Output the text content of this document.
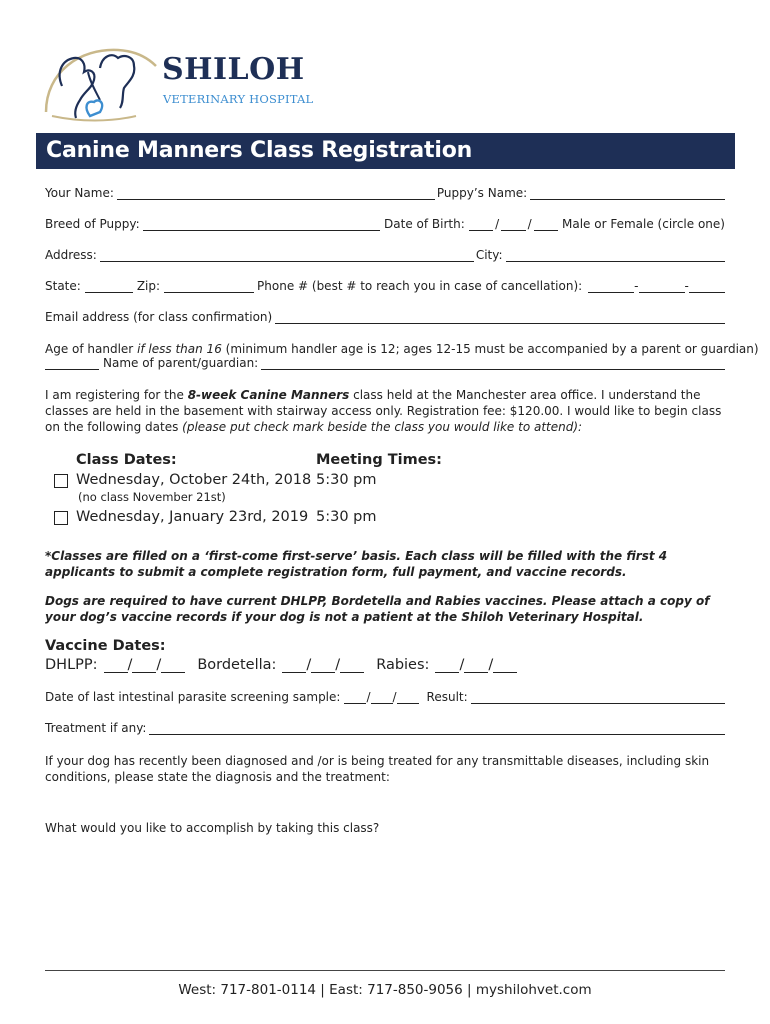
SHILOH
VETERINARY HOSPITAL
Canine Manners Class Registration
Your Name:	Puppy’s Name:
Breed of Puppy:	Date of Birth:	/ /	Male or Female (circle one)
Address:	City:
State:	Zip:	Phone # (best # to reach you in case of cancellation):	-	-
Email address (for class confirmation)
Age of handler if less than 16 (minimum handler age is 12; ages 12-15 must be accompanied by a parent or guardian)
Name of parent/guardian:
I am registering for the 8-week Canine Manners class held at the Manchester area office. I understand the classes are held in the basement with stairway access only. Registration fee: $120.00. I would like to begin class on the following dates (please put check mark beside the class you would like to attend):
Class Dates:	Meeting Times:
Wednesday, October 24th, 2018 5:30 pm
(no class November 21st)
Wednesday, January 23rd, 2019 5:30 pm
*Classes are filled on a ‘first-come first-serve’ basis. Each class will be filled with the first 4 applicants to submit a complete registration form, full payment, and vaccine records.
Dogs are required to have current DHLPP, Bordetella and Rabies vaccines. Please attach a copy of your dog’s vaccine records if your dog is not a patient at the Shiloh Veterinary Hospital.
Vaccine Dates:
DHLPP: / / Bordetella: / / Rabies: / /
Date of last intestinal parasite screening sample: / /	Result:
Treatment if any:
If your dog has recently been diagnosed and /or is being treated for any transmittable diseases, including skin conditions, please state the diagnosis and the treatment:
What would you like to accomplish by taking this class?
West: 717-801-0114 | East: 717-850-9056 | myshilohvet.com
